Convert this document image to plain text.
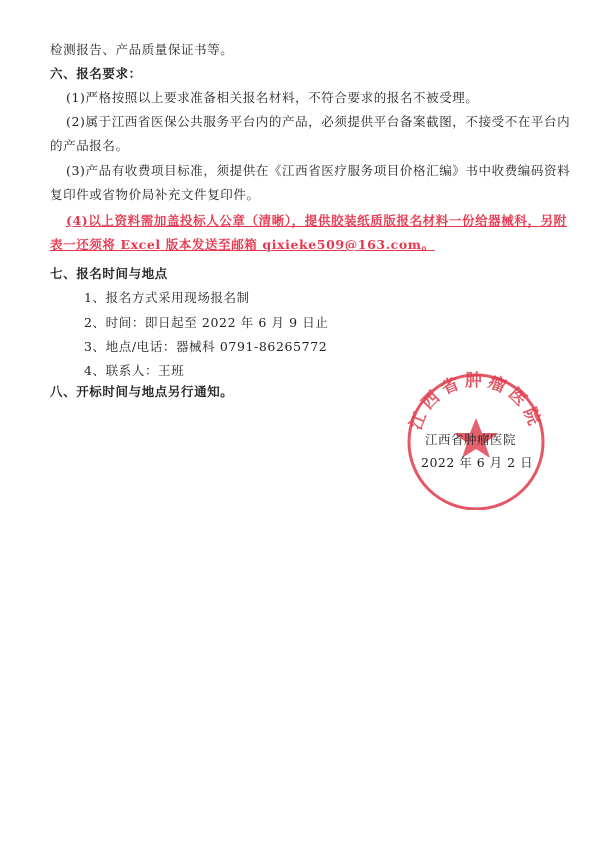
检测报告、产品质量保证书等。
六、报名要求：
(1)严格按照以上要求准备相关报名材料，不符合要求的报名不被受理。
(2)属于江西省医保公共服务平台内的产品，必须提供平台备案截图，不接受不在平台内
的产品报名。
(3)产品有收费项目标准，须提供在《江西省医疗服务项目价格汇编》书中收费编码资料
复印件或省物价局补充文件复印件。
(4)以上资料需加盖投标人公章（清晰），提供胶装纸质版报名材料一份给器械科，另附
表一还须将 Excel 版本发送至邮箱 qixieke509@163.com。
七、报名时间与地点
1、报名方式采用现场报名制
2、时间：即日起至 2022 年 6 月 9 日止
3、地点/电话：器械科 0791-86265772
4、联系人：王班
八、开标时间与地点另行通知。
江西省肿瘤医院
江西省肿瘤医院
2022 年 6 月 2 日
